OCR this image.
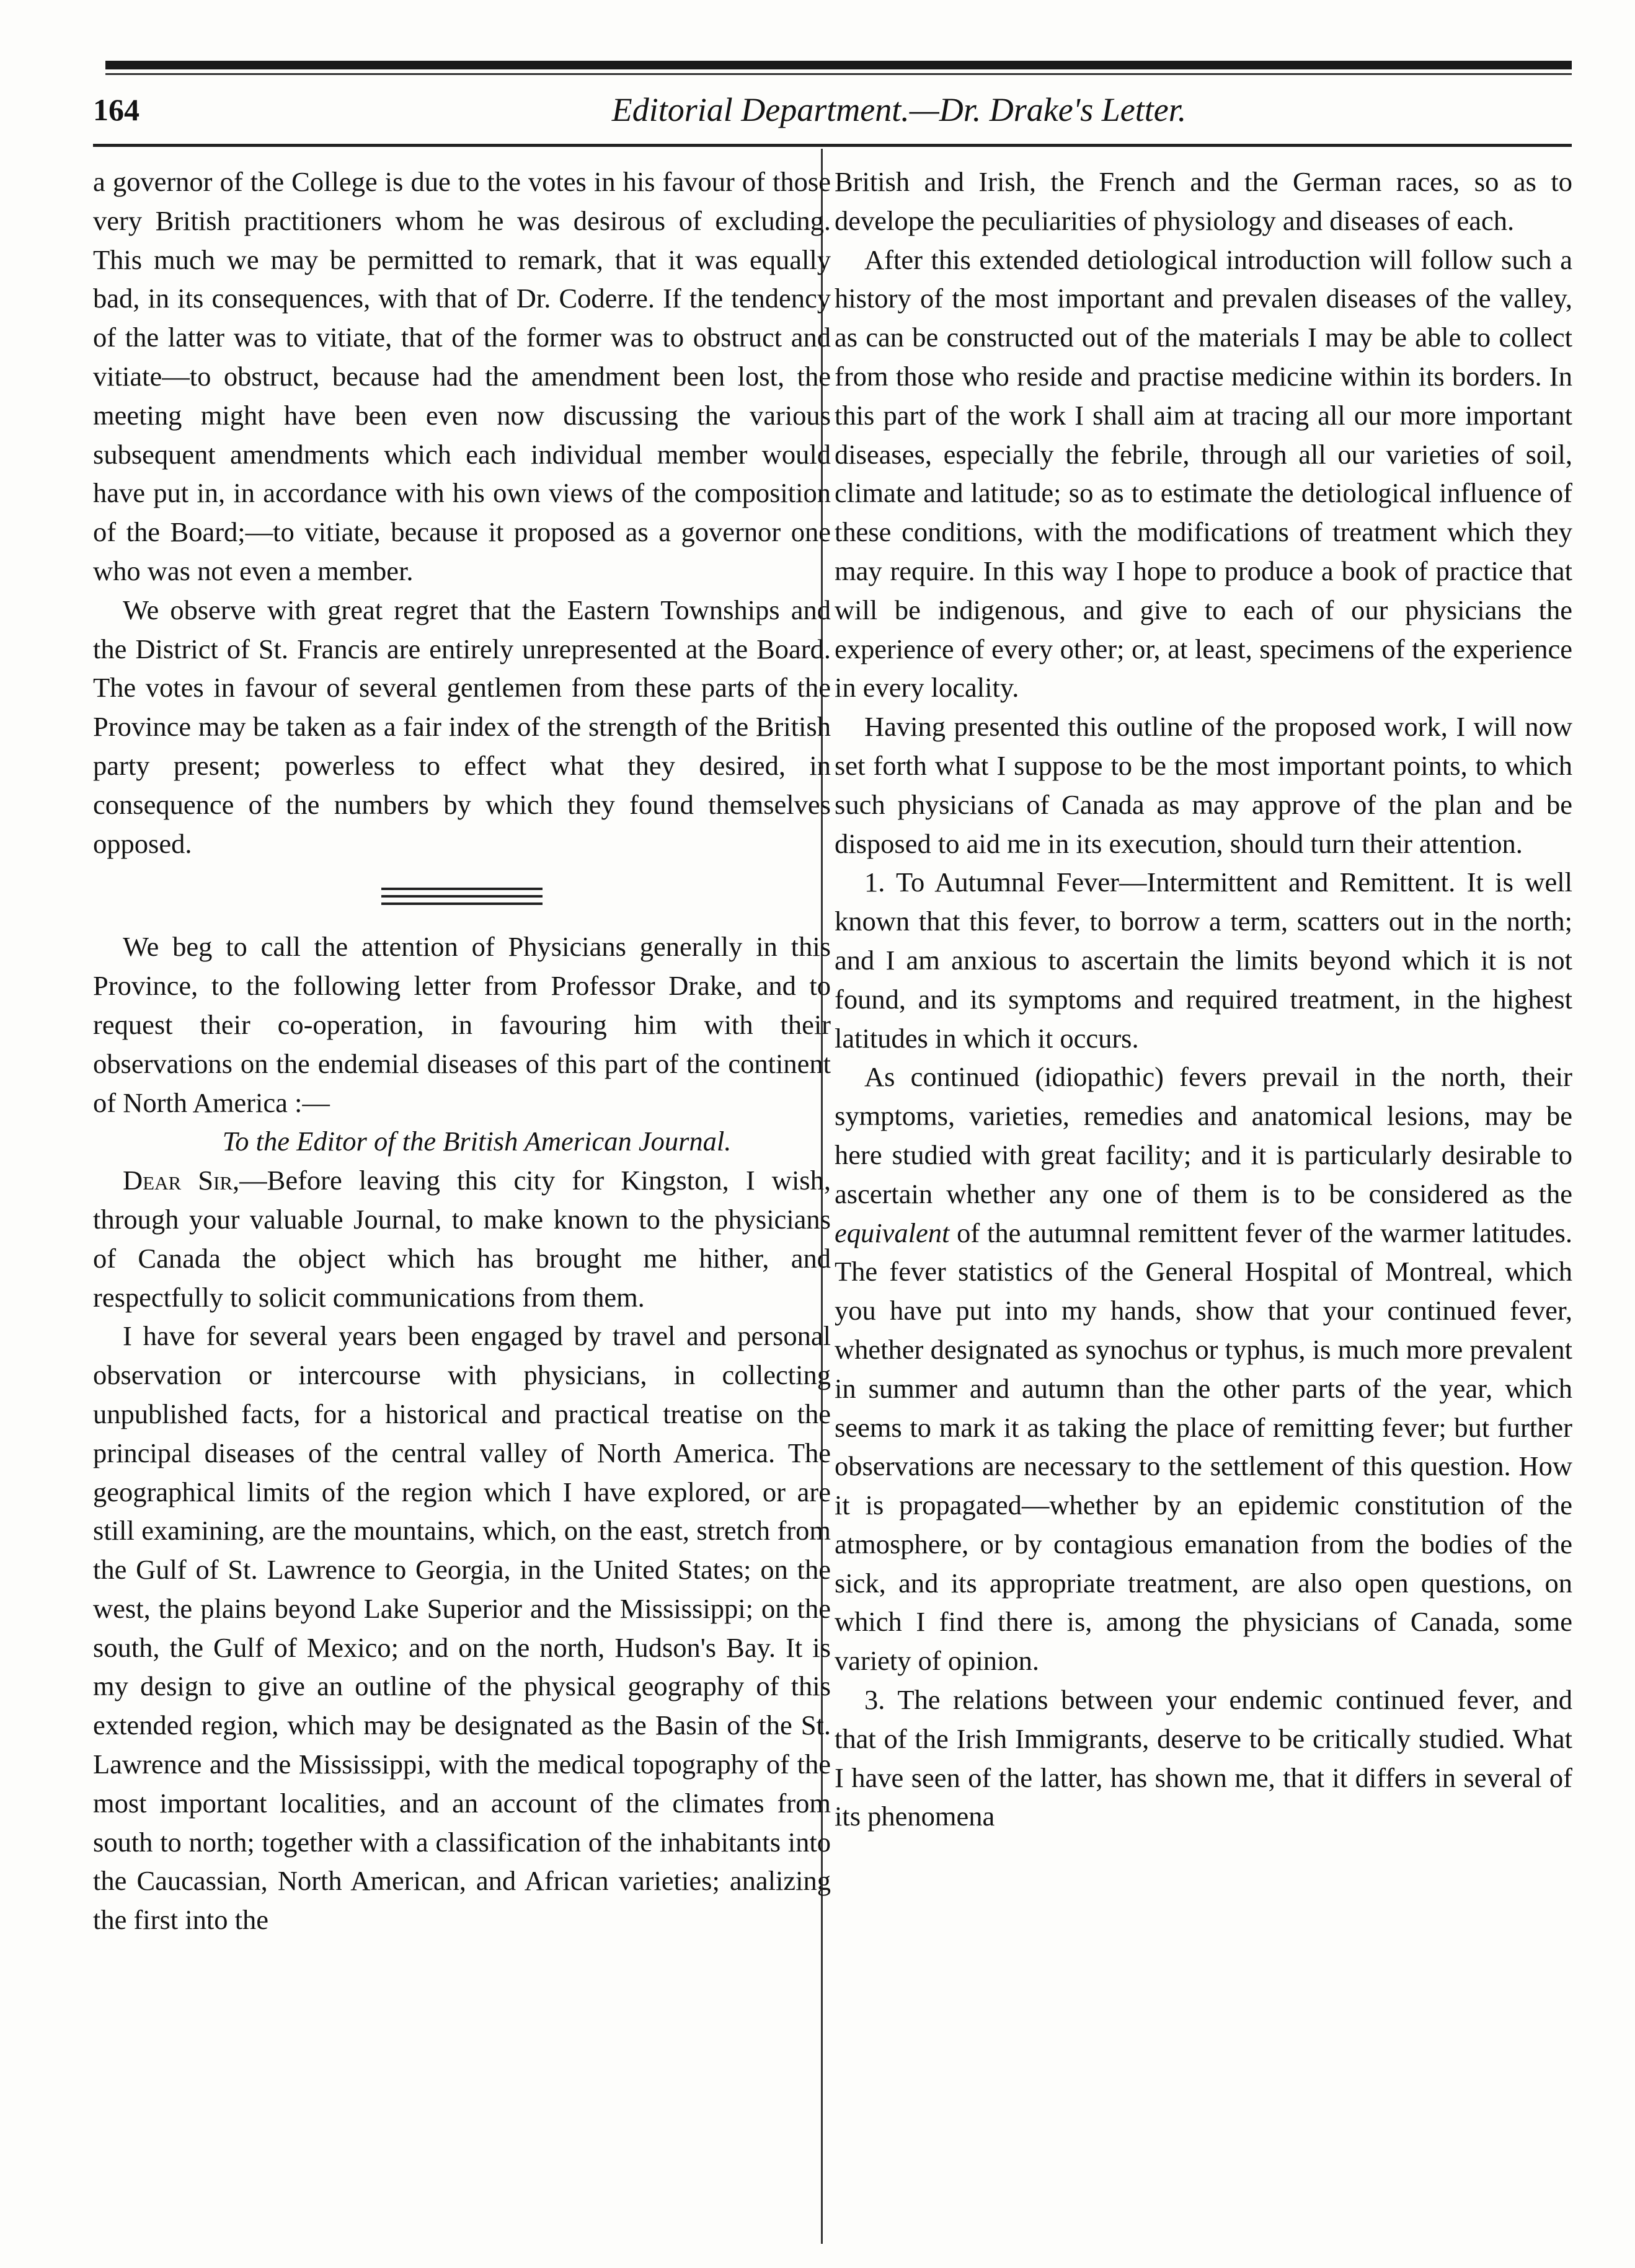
164	Editorial Department.—Dr. Drake's Letter.

a governor of the College is due to the votes in his favour of those very British practitioners whom he was desirous of excluding. This much we may be permitted to remark, that it was equally bad, in its consequences, with that of Dr. Coderre. If the tendency of the latter was to vitiate, that of the former was to obstruct and vitiate—to obstruct, because had the amendment been lost, the meeting might have been even now discussing the various subsequent amendments which each individual member would have put in, in accordance with his own views of the composition of the Board;—to vitiate, because it proposed as a governor one who was not even a member.

We observe with great regret that the Eastern Townships and the District of St. Francis are entirely unrepresented at the Board. The votes in favour of several gentlemen from these parts of the Province may be taken as a fair index of the strength of the British party present; powerless to effect what they desired, in consequence of the numbers by which they found themselves opposed.

We beg to call the attention of Physicians generally in this Province, to the following letter from Professor Drake, and to request their co-operation, in favouring him with their observations on the endemial diseases of this part of the continent of North America :—

To the Editor of the British American Journal.

Dear Sir,—Before leaving this city for Kingston, I wish, through your valuable Journal, to make known to the physicians of Canada the object which has brought me hither, and respectfully to solicit communications from them.

I have for several years been engaged by travel and personal observation or intercourse with physicians, in collecting unpublished facts, for a historical and practical treatise on the principal diseases of the central valley of North America. The geographical limits of the region which I have explored, or are still examining, are the mountains, which, on the east, stretch from the Gulf of St. Lawrence to Georgia, in the United States; on the west, the plains beyond Lake Superior and the Mississippi; on the south, the Gulf of Mexico; and on the north, Hudson's Bay. It is my design to give an outline of the physical geography of this extended region, which may be designated as the Basin of the St. Lawrence and the Mississippi, with the medical topography of the most important localities, and an account of the climates from south to north; together with a classification of the inhabitants into the Caucassian, North American, and African varieties; analizing the first into the

British and Irish, the French and the German races, so as to develope the peculiarities of physiology and diseases of each.

After this extended detiological introduction will follow such a history of the most important and prevalen diseases of the valley, as can be constructed out of the materials I may be able to collect from those who reside and practise medicine within its borders. In this part of the work I shall aim at tracing all our more important diseases, especially the febrile, through all our varieties of soil, climate and latitude; so as to estimate the detiological influence of these conditions, with the modifications of treatment which they may require. In this way I hope to produce a book of practice that will be indigenous, and give to each of our physicians the experience of every other; or, at least, specimens of the experience in every locality.

Having presented this outline of the proposed work, I will now set forth what I suppose to be the most important points, to which such physicians of Canada as may approve of the plan and be disposed to aid me in its execution, should turn their attention.

1. To Autumnal Fever—Intermittent and Remittent. It is well known that this fever, to borrow a term, scatters out in the north; and I am anxious to ascertain the limits beyond which it is not found, and its symptoms and required treatment, in the highest latitudes in which it occurs.

As continued (idiopathic) fevers prevail in the north, their symptoms, varieties, remedies and anatomical lesions, may be here studied with great facility; and it is particularly desirable to ascertain whether any one of them is to be considered as the equivalent of the autumnal remittent fever of the warmer latitudes. The fever statistics of the General Hospital of Montreal, which you have put into my hands, show that your continued fever, whether designated as synochus or typhus, is much more prevalent in summer and autumn than the other parts of the year, which seems to mark it as taking the place of remitting fever; but further observations are necessary to the settlement of this question. How it is propagated—whether by an epidemic constitution of the atmosphere, or by contagious emanation from the bodies of the sick, and its appropriate treatment, are also open questions, on which I find there is, among the physicians of Canada, some variety of opinion.

3. The relations between your endemic continued fever, and that of the Irish Immigrants, deserve to be critically studied. What I have seen of the latter, has shown me, that it differs in several of its phenomena
